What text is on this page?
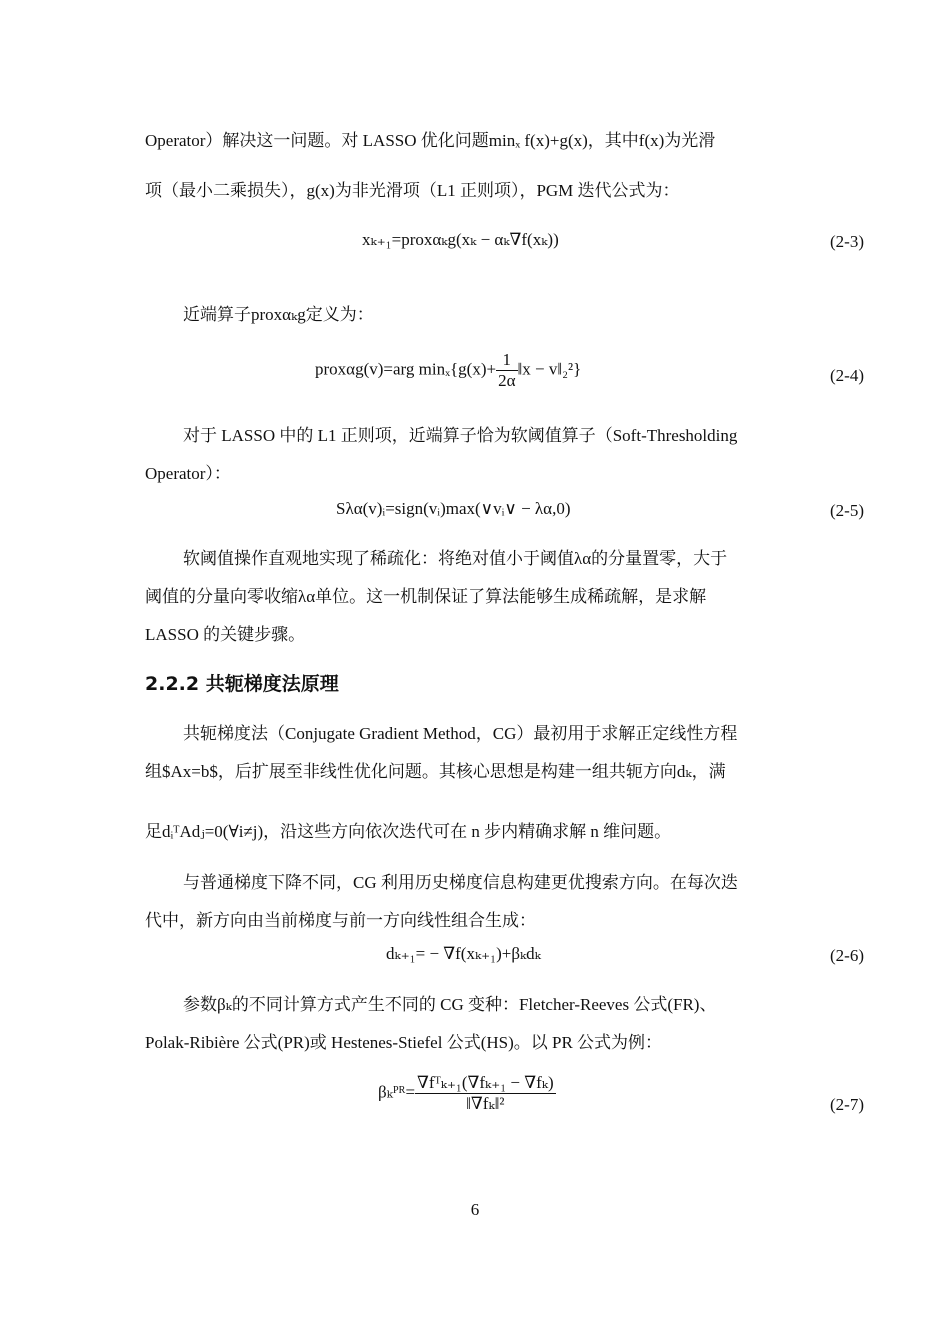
Operator）解决这一问题。对 LASSO 优化问题minₓ f(x)+g(x)，其中f(x)为光滑
项（最小二乘损失），g(x)为非光滑项（L1 正则项），PGM 迭代公式为：
xₖ₊₁=proxαₖg(xₖ − αₖ∇f(xₖ))	(2-3)
近端算子proxαₖg定义为：
proxαg(v)=arg $\min_x\{g(x)+ \frac{1}{2\alpha}$ ‖x − v‖₂²}	(2-4)
对于 LASSO 中的 L1 正则项，近端算子恰为软阈值算子（Soft-Thresholding
Operator）：
Sλα(v)ᵢ=sign(vᵢ)max(∨vᵢ∨ − λα,0)	(2-5)
软阈值操作直观地实现了稀疏化：将绝对值小于阈值λα的分量置零，大于
阈值的分量向零收缩λα单位。这一机制保证了算法能够生成稀疏解，是求解
LASSO 的关键步骤。
2.2.2 共轭梯度法原理
共轭梯度法（Conjugate Gradient Method，CG）最初用于求解正定线性方程
组$Ax=b$，后扩展至非线性优化问题。其核心思想是构建一组共轭方向dₖ，满
足dᵢᵀAdⱼ=0(∀i≠j)，沿这些方向依次迭代可在 n 步内精确求解 n 维问题。
与普通梯度下降不同，CG 利用历史梯度信息构建更优搜索方向。在每次迭
代中，新方向由当前梯度与前一方向线性组合生成：
dₖ₊₁= − ∇f(xₖ₊₁)+βₖdₖ	(2-6)
参数βₖ的不同计算方式产生不同的 CG 变种：Fletcher-Reeves 公式(FR)、
Polak-Ribière 公式(PR)或 Hestenes-Stiefel 公式(HS)。以 PR 公式为例：
βₖᴾᴿ= $\frac{\text{∇fᵀₖ₊₁(∇fₖ₊₁ − ∇fₖ)}}{\text{‖∇fₖ‖²}}$	(2-7)
6
